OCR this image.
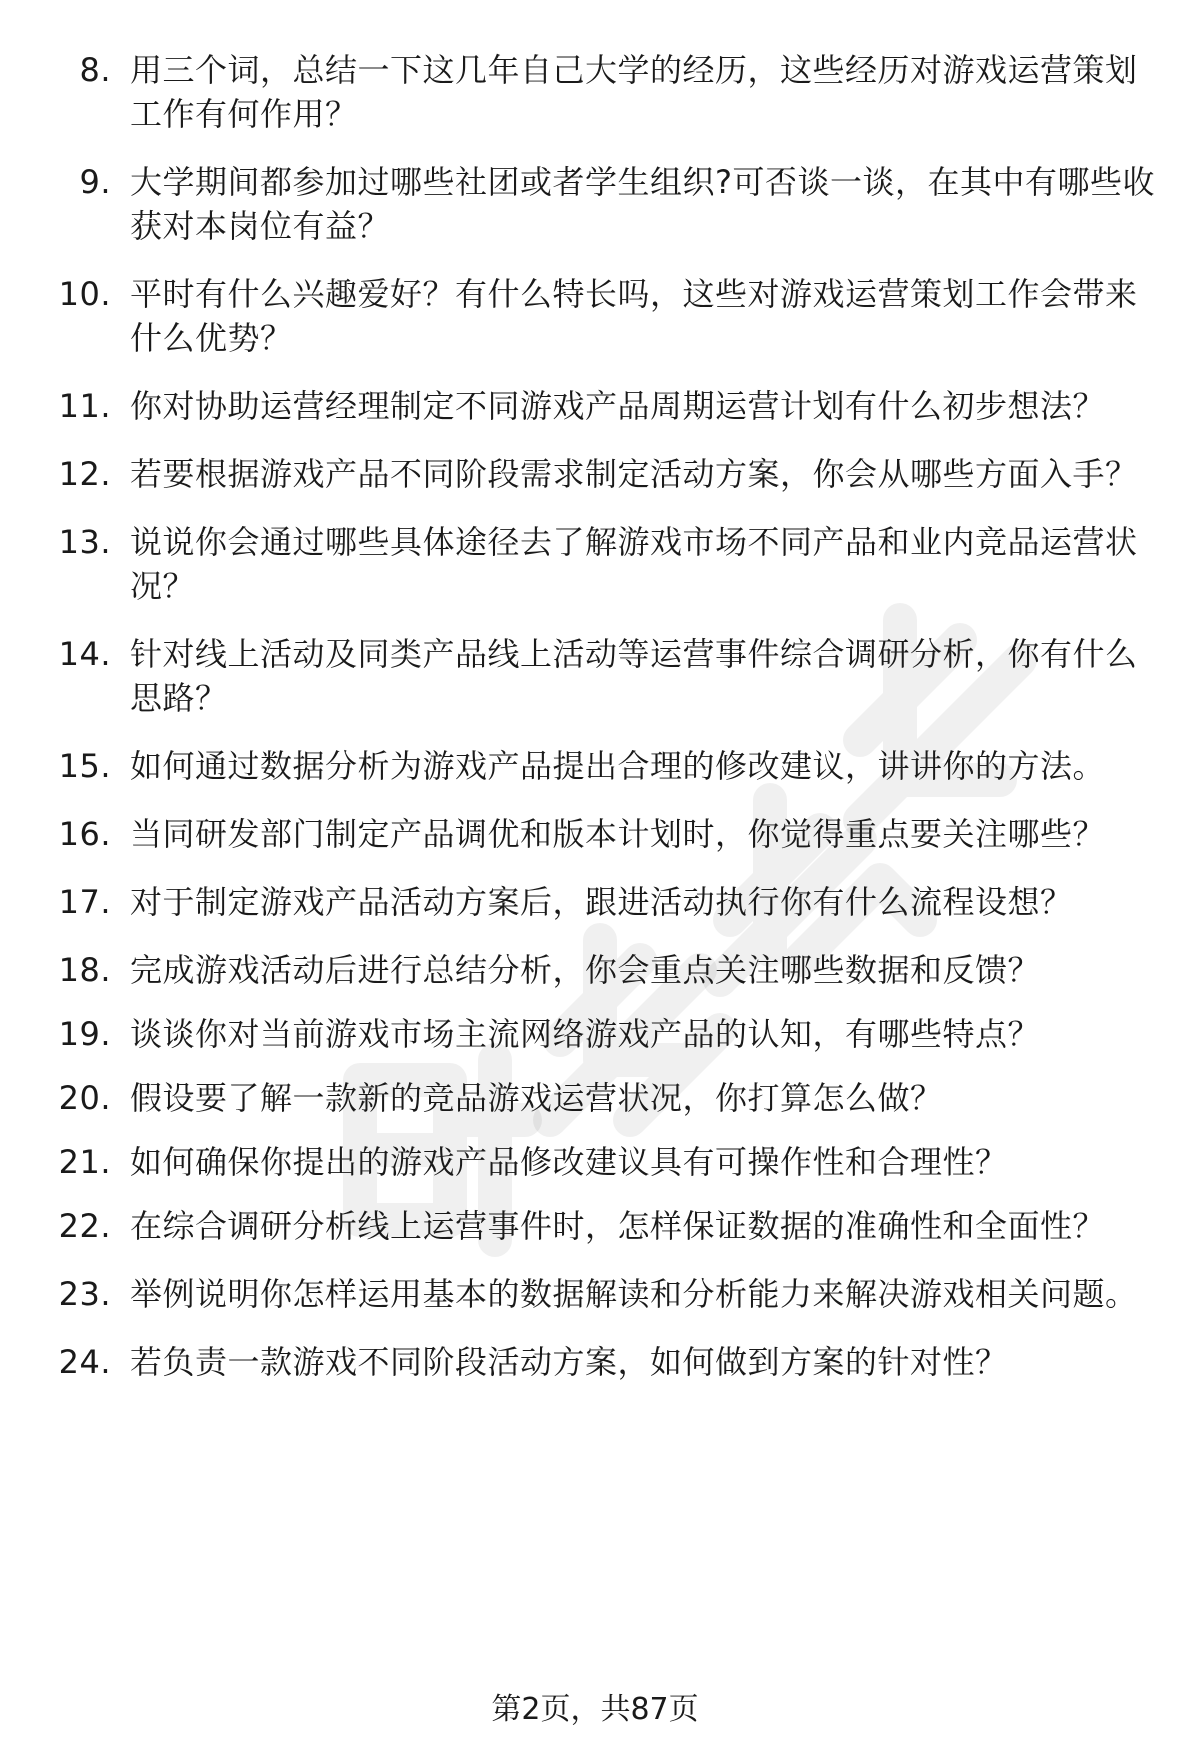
8. 用三个词，总结一下这几年自己大学的经历，这些经历对游戏运营策划工作有何作用？
9. 大学期间都参加过哪些社团或者学生组织?可否谈一谈，在其中有哪些收获对本岗位有益？
10. 平时有什么兴趣爱好？有什么特长吗，这些对游戏运营策划工作会带来什么优势？
11. 你对协助运营经理制定不同游戏产品周期运营计划有什么初步想法？
12. 若要根据游戏产品不同阶段需求制定活动方案，你会从哪些方面入手？
13. 说说你会通过哪些具体途径去了解游戏市场不同产品和业内竞品运营状况？
14. 针对线上活动及同类产品线上活动等运营事件综合调研分析，你有什么思路？
15. 如何通过数据分析为游戏产品提出合理的修改建议，讲讲你的方法。
16. 当同研发部门制定产品调优和版本计划时，你觉得重点要关注哪些？
17. 对于制定游戏产品活动方案后，跟进活动执行你有什么流程设想？
18. 完成游戏活动后进行总结分析，你会重点关注哪些数据和反馈？
19. 谈谈你对当前游戏市场主流网络游戏产品的认知，有哪些特点？
20. 假设要了解一款新的竞品游戏运营状况，你打算怎么做？
21. 如何确保你提出的游戏产品修改建议具有可操作性和合理性？
22. 在综合调研分析线上运营事件时，怎样保证数据的准确性和全面性？
23. 举例说明你怎样运用基本的数据解读和分析能力来解决游戏相关问题。
24. 若负责一款游戏不同阶段活动方案，如何做到方案的针对性？
第2页，共87页
